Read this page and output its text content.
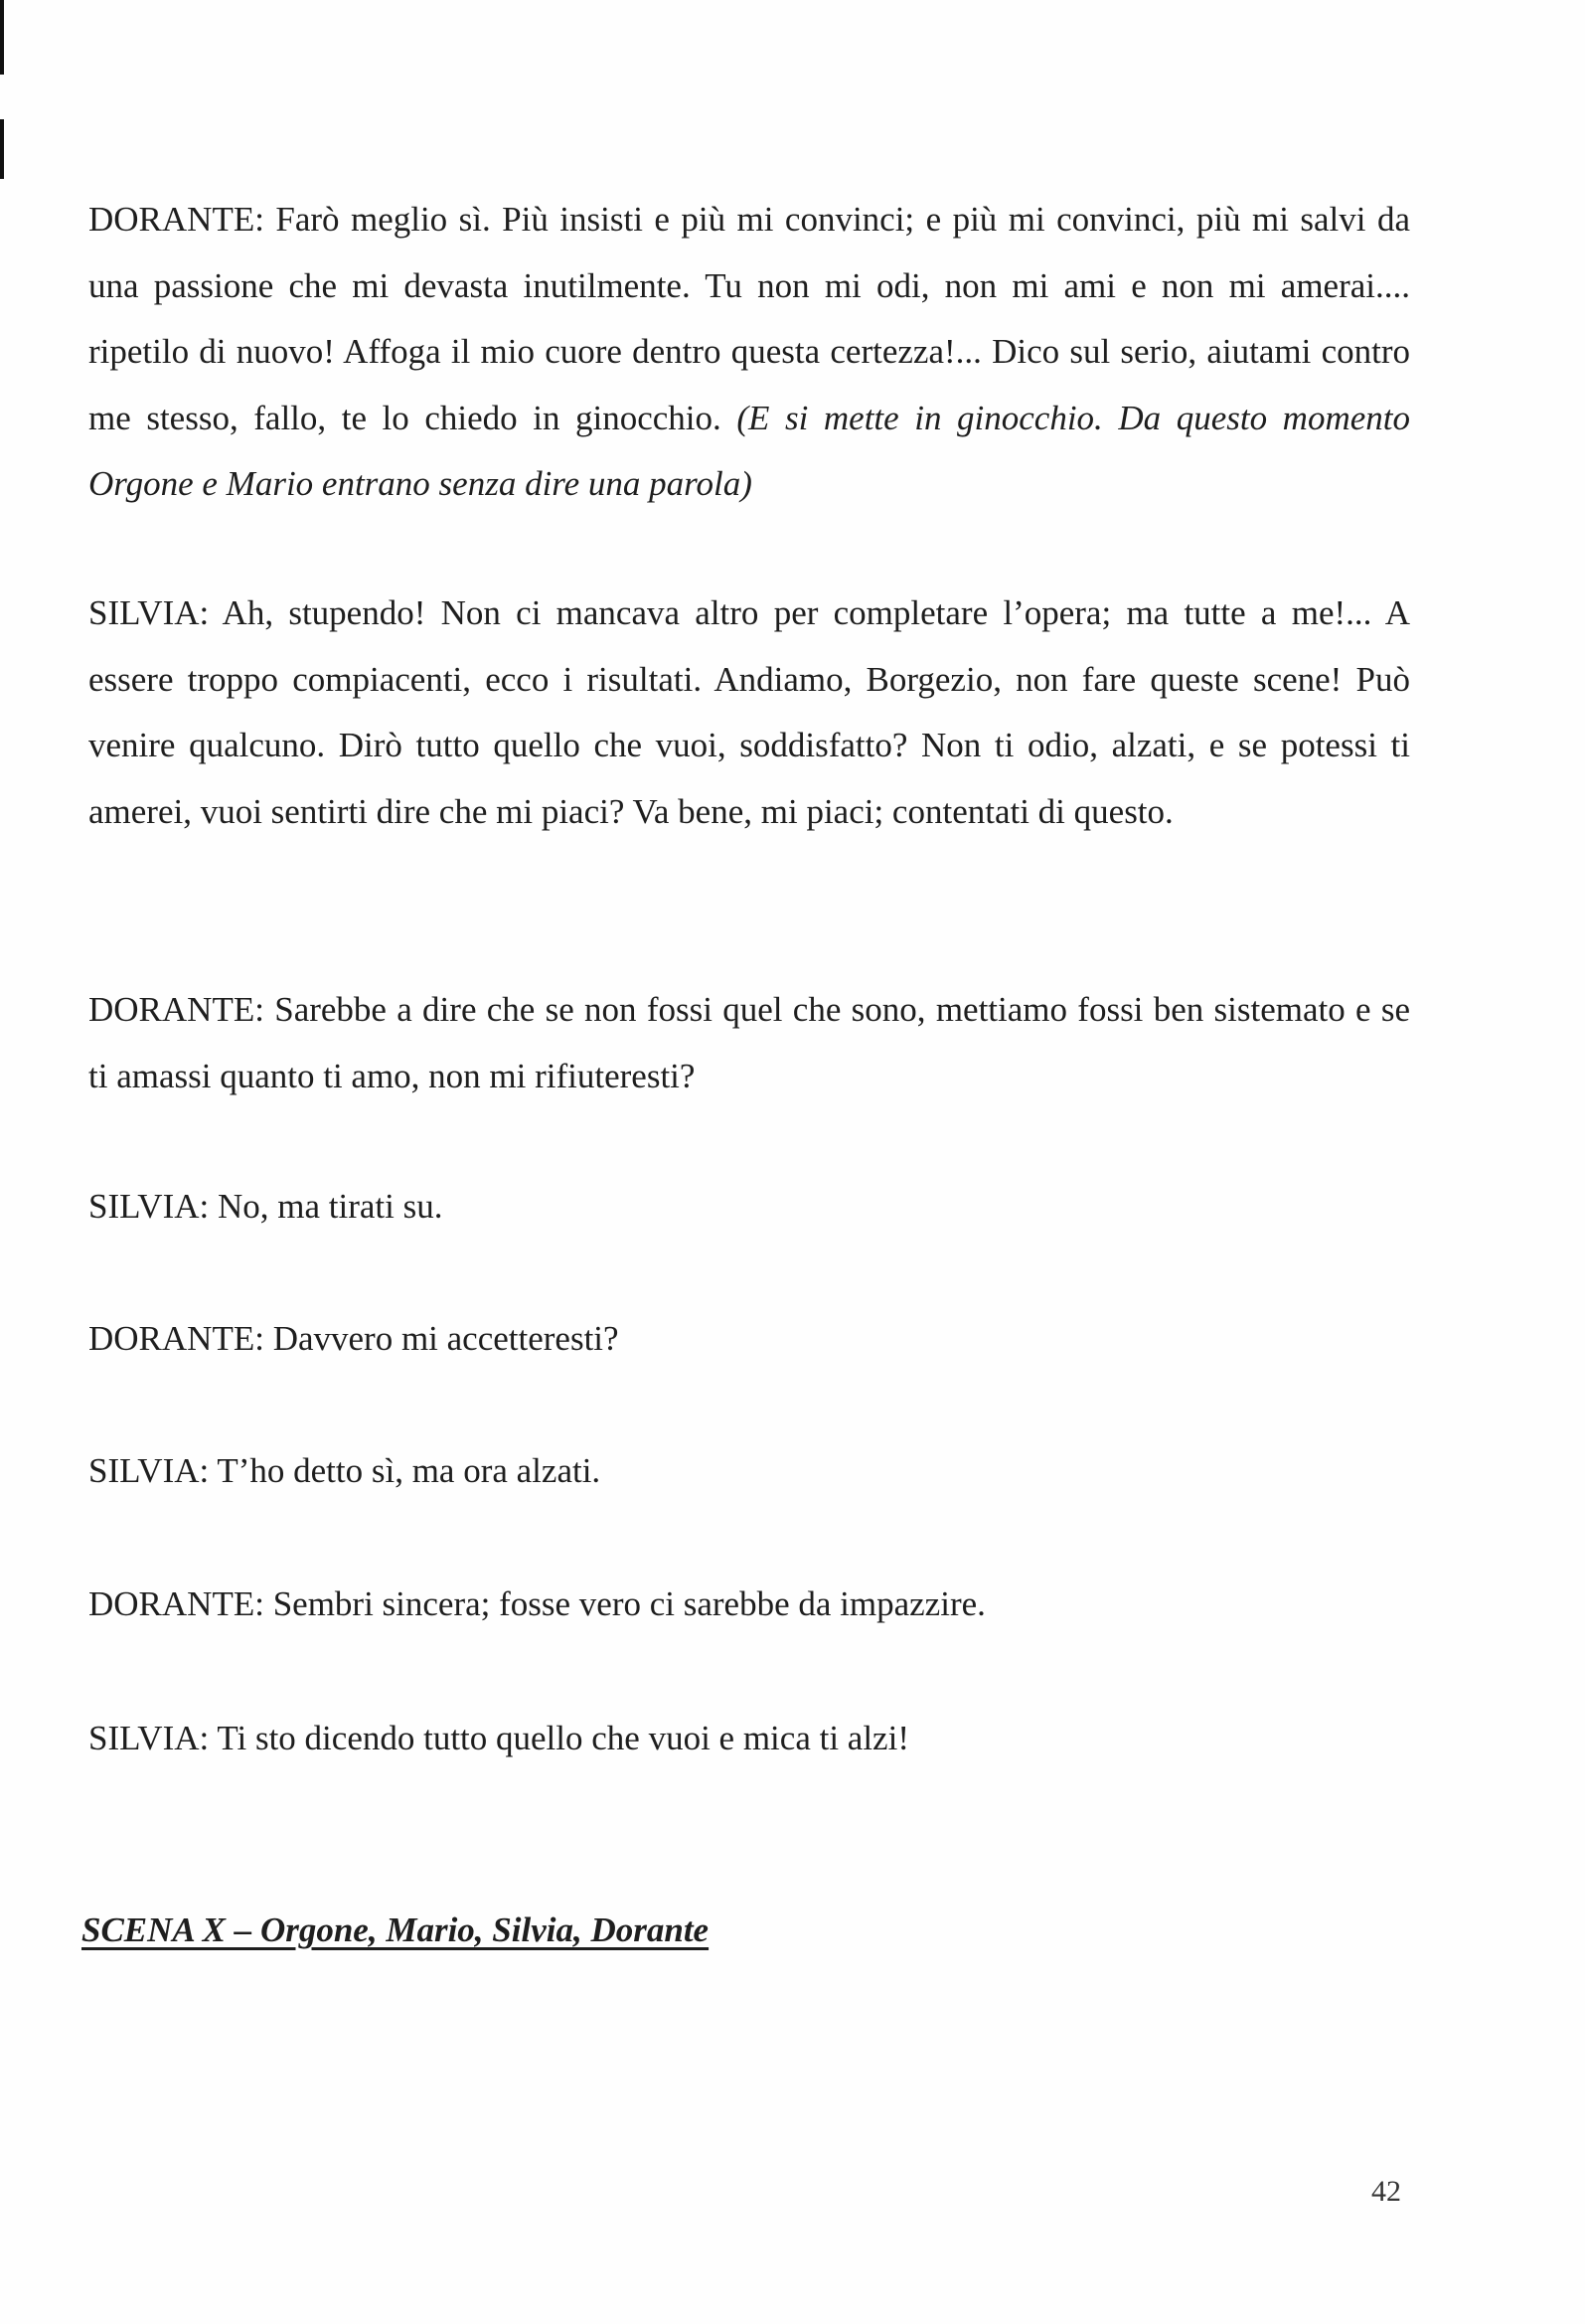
DORANTE: Farò meglio sì. Più insisti e più mi convinci; e più mi convinci, più mi salvi da una passione che mi devasta inutilmente. Tu non mi odi, non mi ami e non mi amerai.... ripetilo di nuovo! Affoga il mio cuore dentro questa certezza!... Dico sul serio, aiutami contro me stesso, fallo, te lo chiedo in ginocchio. (E si mette in ginocchio. Da questo momento Orgone e Mario entrano senza dire una parola)

SILVIA: Ah, stupendo! Non ci mancava altro per completare l’opera; ma tutte a me!... A essere troppo compiacenti, ecco i risultati. Andiamo, Borgezio, non fare queste scene! Può venire qualcuno. Dirò tutto quello che vuoi, soddisfatto? Non ti odio, alzati, e se potessi ti amerei, vuoi sentirti dire che mi piaci? Va bene, mi piaci; contentati di questo.

DORANTE: Sarebbe a dire che se non fossi quel che sono, mettiamo fossi ben sistemato e se ti amassi quanto ti amo, non mi rifiuteresti?

SILVIA: No, ma tirati su.

DORANTE: Davvero mi accetteresti?

SILVIA: T’ho detto sì, ma ora alzati.

DORANTE: Sembri sincera; fosse vero ci sarebbe da impazzire.

SILVIA: Ti sto dicendo tutto quello che vuoi e mica ti alzi!

SCENA X – Orgone, Mario, Silvia, Dorante
42
